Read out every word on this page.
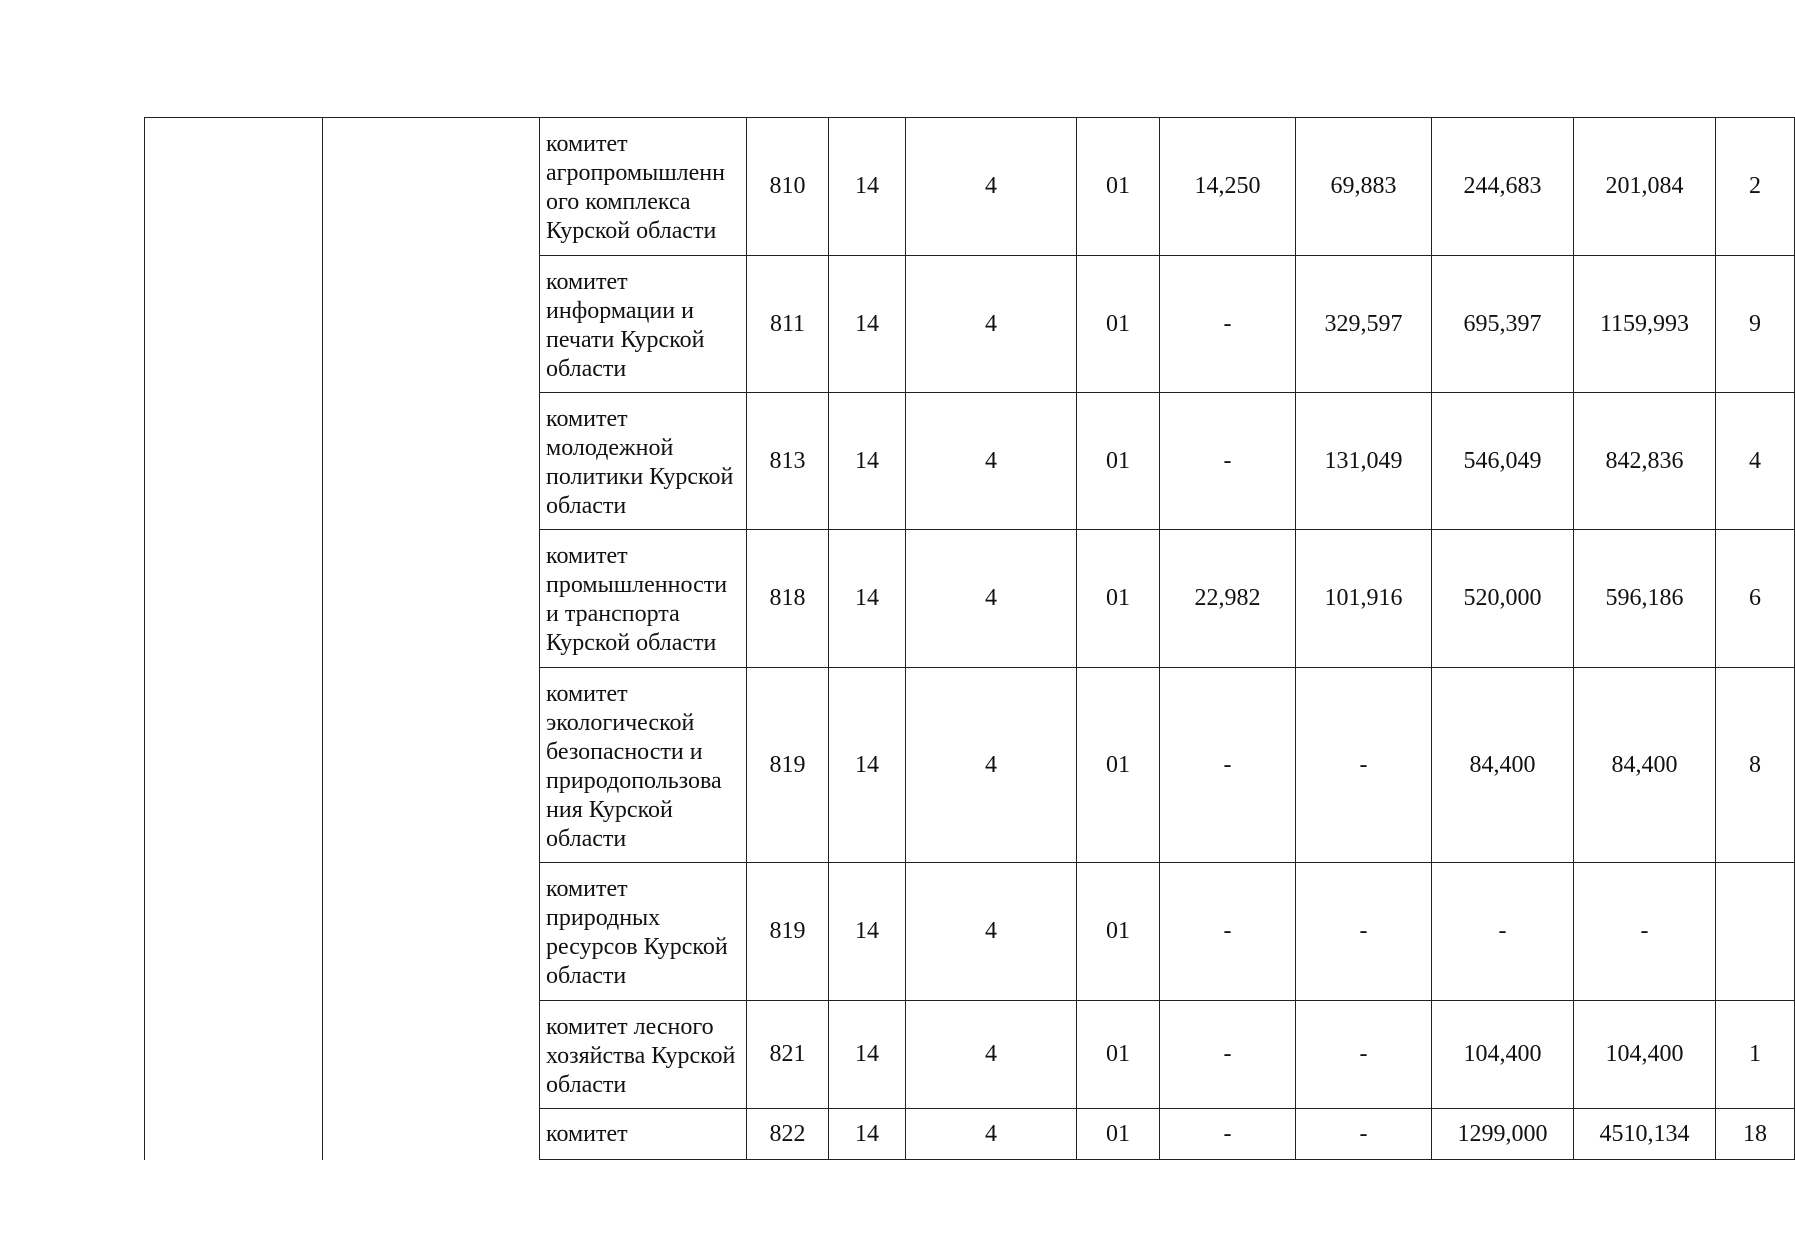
		комитет агропромышленн ого комплекса Курской области	810	14	4	01	14,250	69,883	244,683	201,084	2

		комитет информации и печати Курской области	811	14	4	01	-	329,597	695,397	1159,993	9

		комитет молодежной политики Курской области	813	14	4	01	-	131,049	546,049	842,836	4

		комитет промышленности и транспорта Курской области	818	14	4	01	22,982	101,916	520,000	596,186	6

		комитет экологической безопасности и природопользова ния Курской области	819	14	4	01	-	-	84,400	84,400	8

		комитет природных ресурсов Курской области	819	14	4	01	-	-	-	-	

		комитет лесного хозяйства Курской области	821	14	4	01	-	-	104,400	104,400	1

		комитет	822	14	4	01	-	-	1299,000	4510,134	18
